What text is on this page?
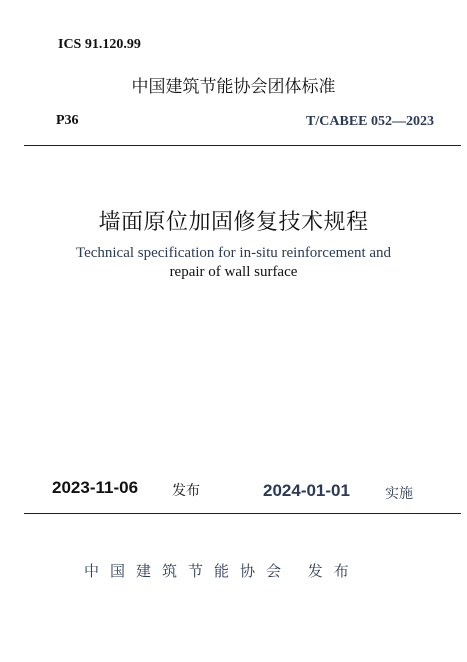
ICS 91.120.99
中国建筑节能协会团体标准
P36	T/CABEE 052—2023
墙面原位加固修复技术规程
Technical specification for in-situ reinforcement and
repair of wall surface
2023-11-06 发布	2024-01-01	实施
中国建筑节能协会 发布
